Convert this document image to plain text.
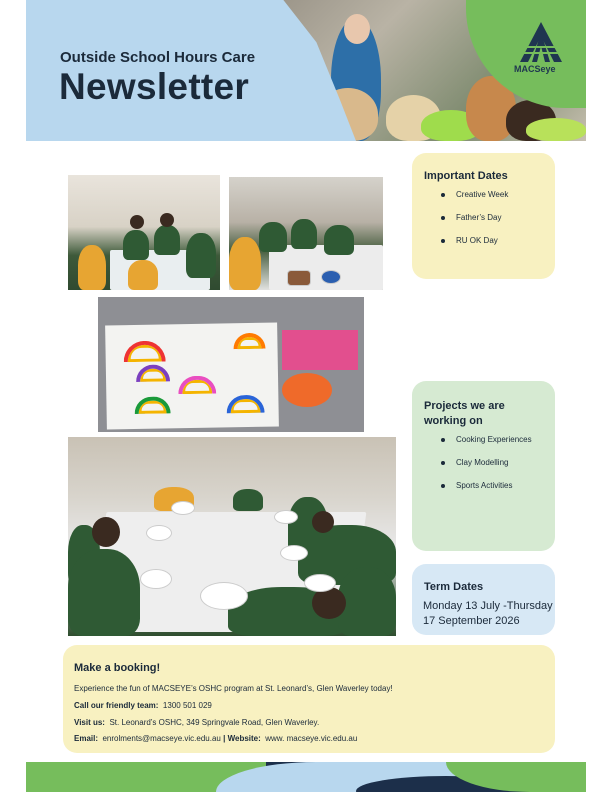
Outside School Hours Care
Newsletter	MACSeye
Important Dates
Creative Week
Father’s Day
RU OK Day
Projects we are
working on
Cooking Experiences
Clay Modelling
Sports Activities
Term Dates
Monday 13 July -Thursday
17 September 2026
Make a booking!
Experience the fun of MACSEYE’s OSHC program at St. Leonard’s, Glen Waverley today!
Call our friendly team: 1300 501 029
Visit us: St. Leonard’s OSHC, 349 Springvale Road, Glen Waverley.
Email: enrolments@macseye.vic.edu.au | Website: www. macseye.vic.edu.au
